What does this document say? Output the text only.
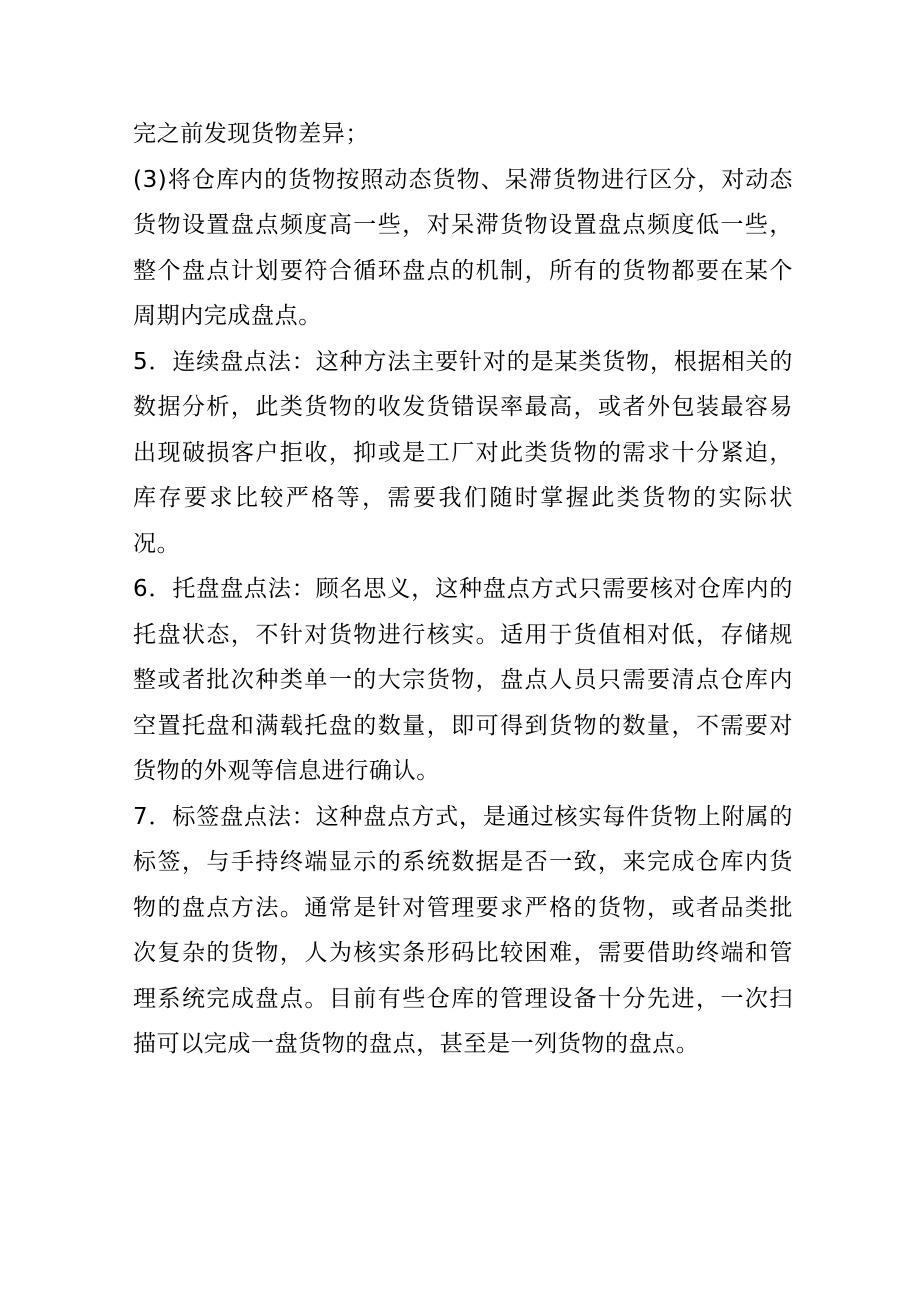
完之前发现货物差异；

(3)将仓库内的货物按照动态货物、呆滞货物进行区分，对动态货物设置盘点频度高一些，对呆滞货物设置盘点频度低一些，整个盘点计划要符合循环盘点的机制，所有的货物都要在某个周期内完成盘点。

5．连续盘点法：这种方法主要针对的是某类货物，根据相关的数据分析，此类货物的收发货错误率最高，或者外包装最容易出现破损客户拒收，抑或是工厂对此类货物的需求十分紧迫，库存要求比较严格等，需要我们随时掌握此类货物的实际状况。

6．托盘盘点法：顾名思义，这种盘点方式只需要核对仓库内的托盘状态，不针对货物进行核实。适用于货值相对低，存储规整或者批次种类单一的大宗货物，盘点人员只需要清点仓库内空置托盘和满载托盘的数量，即可得到货物的数量，不需要对货物的外观等信息进行确认。

7．标签盘点法：这种盘点方式，是通过核实每件货物上附属的标签，与手持终端显示的系统数据是否一致，来完成仓库内货物的盘点方法。通常是针对管理要求严格的货物，或者品类批次复杂的货物，人为核实条形码比较困难，需要借助终端和管理系统完成盘点。目前有些仓库的管理设备十分先进，一次扫描可以完成一盘货物的盘点，甚至是一列货物的盘点。
